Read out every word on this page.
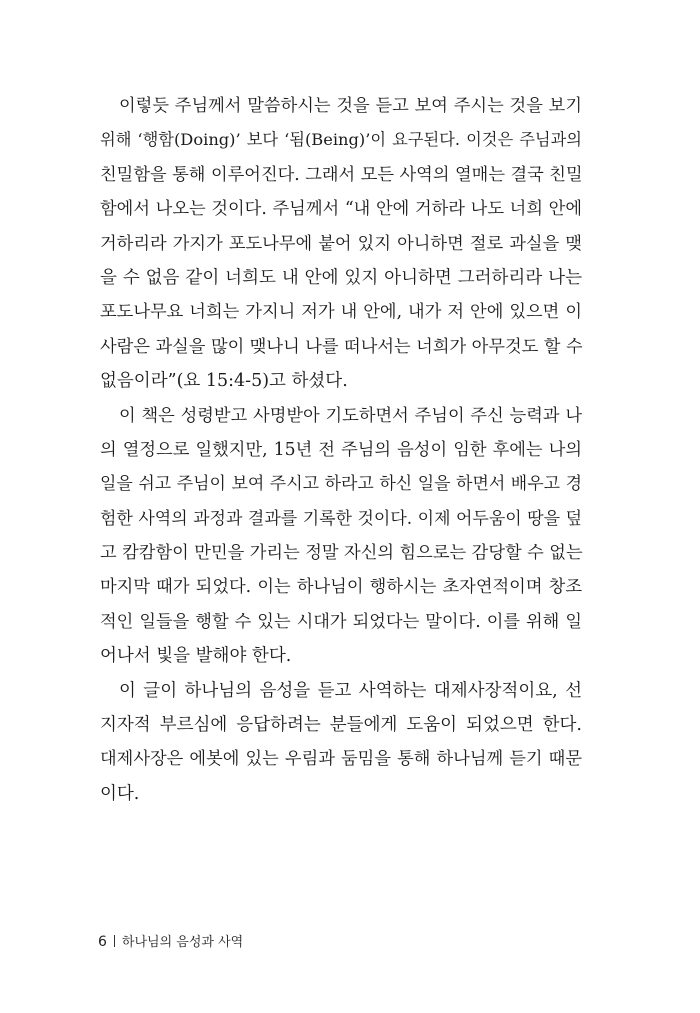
이렇듯 주님께서 말씀하시는 것을 듣고 보여 주시는 것을 보기
위해 ‘행함(Doing)’ 보다 ‘됨(Being)’이 요구된다. 이것은 주님과의
친밀함을 통해 이루어진다. 그래서 모든 사역의 열매는 결국 친밀
함에서 나오는 것이다. 주님께서 “내 안에 거하라 나도 너희 안에
거하리라 가지가 포도나무에 붙어 있지 아니하면 절로 과실을 맺
을 수 없음 같이 너희도 내 안에 있지 아니하면 그러하리라 나는
포도나무요 너희는 가지니 저가 내 안에, 내가 저 안에 있으면 이
사람은 과실을 많이 맺나니 나를 떠나서는 너희가 아무것도 할 수
없음이라”(요 15:4-5)고 하셨다.
이 책은 성령받고 사명받아 기도하면서 주님이 주신 능력과 나
의 열정으로 일했지만, 15년 전 주님의 음성이 임한 후에는 나의
일을 쉬고 주님이 보여 주시고 하라고 하신 일을 하면서 배우고 경
험한 사역의 과정과 결과를 기록한 것이다. 이제 어두움이 땅을 덮
고 캄캄함이 만민을 가리는 정말 자신의 힘으로는 감당할 수 없는
마지막 때가 되었다. 이는 하나님이 행하시는 초자연적이며 창조
적인 일들을 행할 수 있는 시대가 되었다는 말이다. 이를 위해 일
어나서 빛을 발해야 한다.
이 글이 하나님의 음성을 듣고 사역하는 대제사장적이요, 선
지자적 부르심에 응답하려는 분들에게 도움이 되었으면 한다.
대제사장은 에봇에 있는 우림과 둠밈을 통해 하나님께 듣기 때문
이다.
6 하나님의 음성과 사역
